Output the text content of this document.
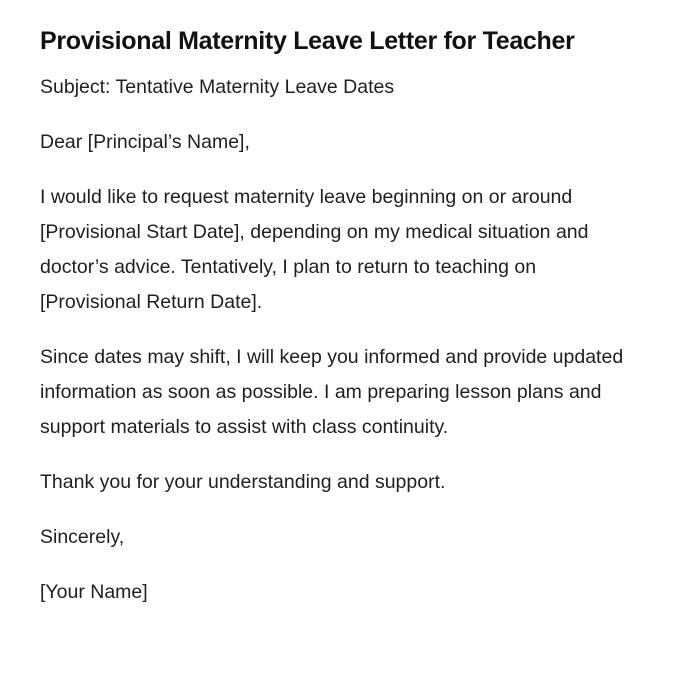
Provisional Maternity Leave Letter for Teacher

Subject: Tentative Maternity Leave Dates

Dear [Principal’s Name],

I would like to request maternity leave beginning on or around [Provisional Start Date], depending on my medical situation and doctor’s advice. Tentatively, I plan to return to teaching on [Provisional Return Date].

Since dates may shift, I will keep you informed and provide updated information as soon as possible. I am preparing lesson plans and support materials to assist with class continuity.

Thank you for your understanding and support.

Sincerely,

[Your Name]
